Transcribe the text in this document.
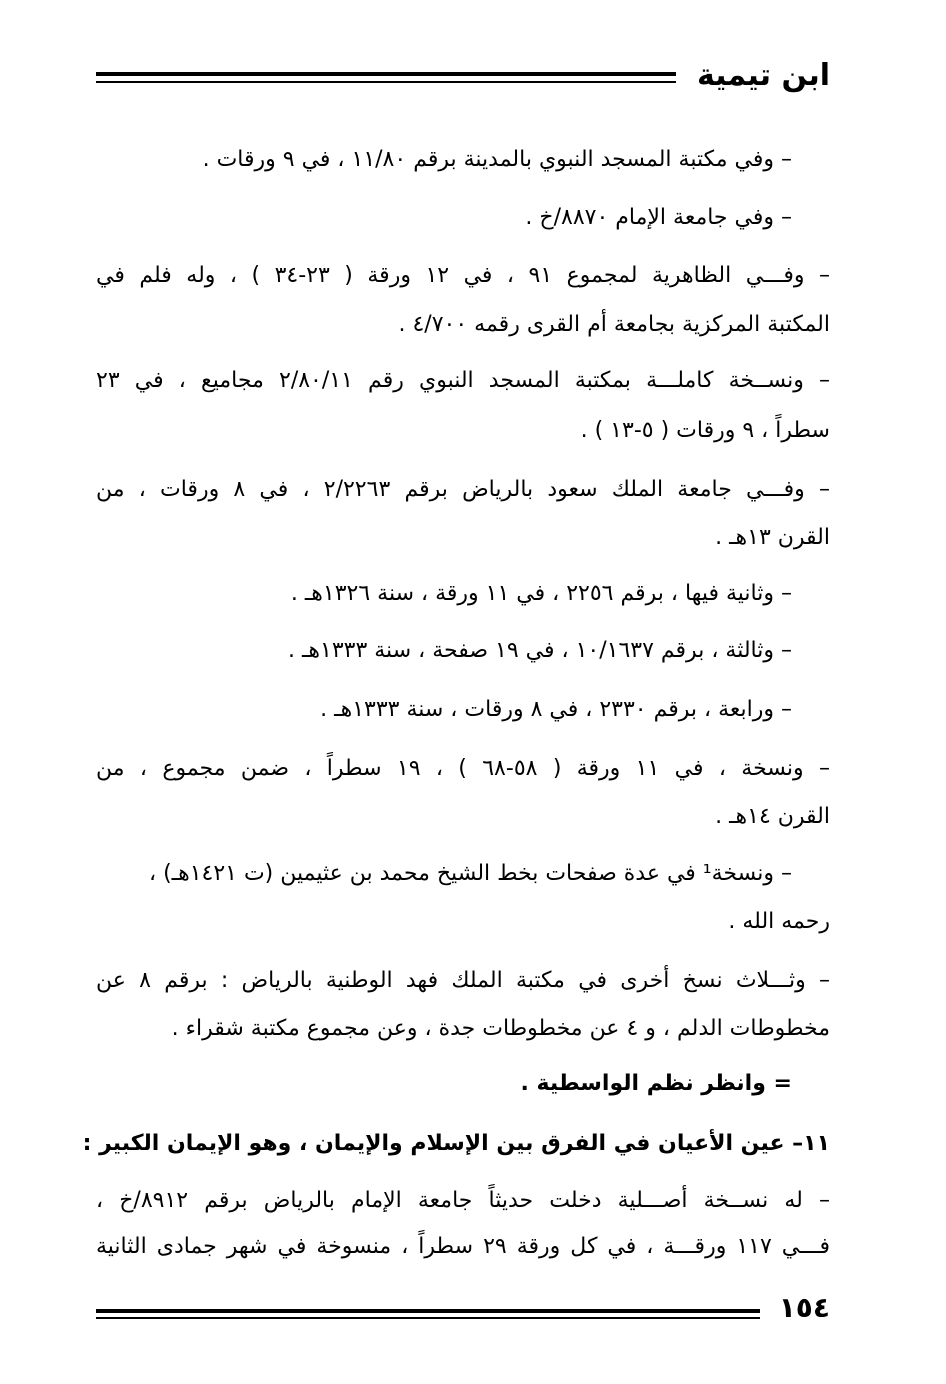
ابن تيمية
– وفي مكتبة المسجد النبوي بالمدينة برقم ١١/٨٠ ، في ٩ ورقات .
– وفي جامعة الإمام ٨٨٧٠/خ .
– وفـــي الظاهرية لمجموع ٩١ ، في ١٢ ورقة ( ٢٣-٣٤ ) ، وله فلم في
المكتبة المركزية بجامعة أم القرى رقمه ٤/٧٠٠ .
– ونســخة كاملـــة بمكتبة المسجد النبوي رقم ٢/٨٠/١١ مجاميع ، في ٢٣
سطراً ، ٩ ورقات ( ٥-١٣ ) .
– وفـــي جامعة الملك سعود بالرياض برقم ٢/٢٢٦٣ ، في ٨ ورقات ، من
القرن ١٣هـ .
– وثانية فيها ، برقم ٢٢٥٦ ، في ١١ ورقة ، سنة ١٣٢٦هـ .
– وثالثة ، برقم ١٠/١٦٣٧ ، في ١٩ صفحة ، سنة ١٣٣٣هـ .
– ورابعة ، برقم ٢٣٣٠ ، في ٨ ورقات ، سنة ١٣٣٣هـ .
– ونسخة ، في ١١ ورقة ( ٥٨-٦٨ ) ، ١٩ سطراً ، ضمن مجموع ، من
القرن ١٤هـ .
– ونسخة¹ في عدة صفحات بخط الشيخ محمد بن عثيمين (ت ١٤٢١هـ) ،
رحمه الله .
– وثـــلاث نسخ أخرى في مكتبة الملك فهد الوطنية بالرياض : برقم ٨ عن
مخطوطات الدلم ، و ٤ عن مخطوطات جدة ، وعن مجموع مكتبة شقراء .
= وانظر نظم الواسطية .
١١– عين الأعيان في الفرق بين الإسلام والإيمان ، وهو الإيمان الكبير :
– له نســخة أصـــلية دخلت حديثاً جامعة الإمام بالرياض برقم ٨٩١٢/خ ،
فـــي ١١٧ ورقـــة ، في كل ورقة ٢٩ سطراً ، منسوخة في شهر جمادى الثانية
١٥٤
